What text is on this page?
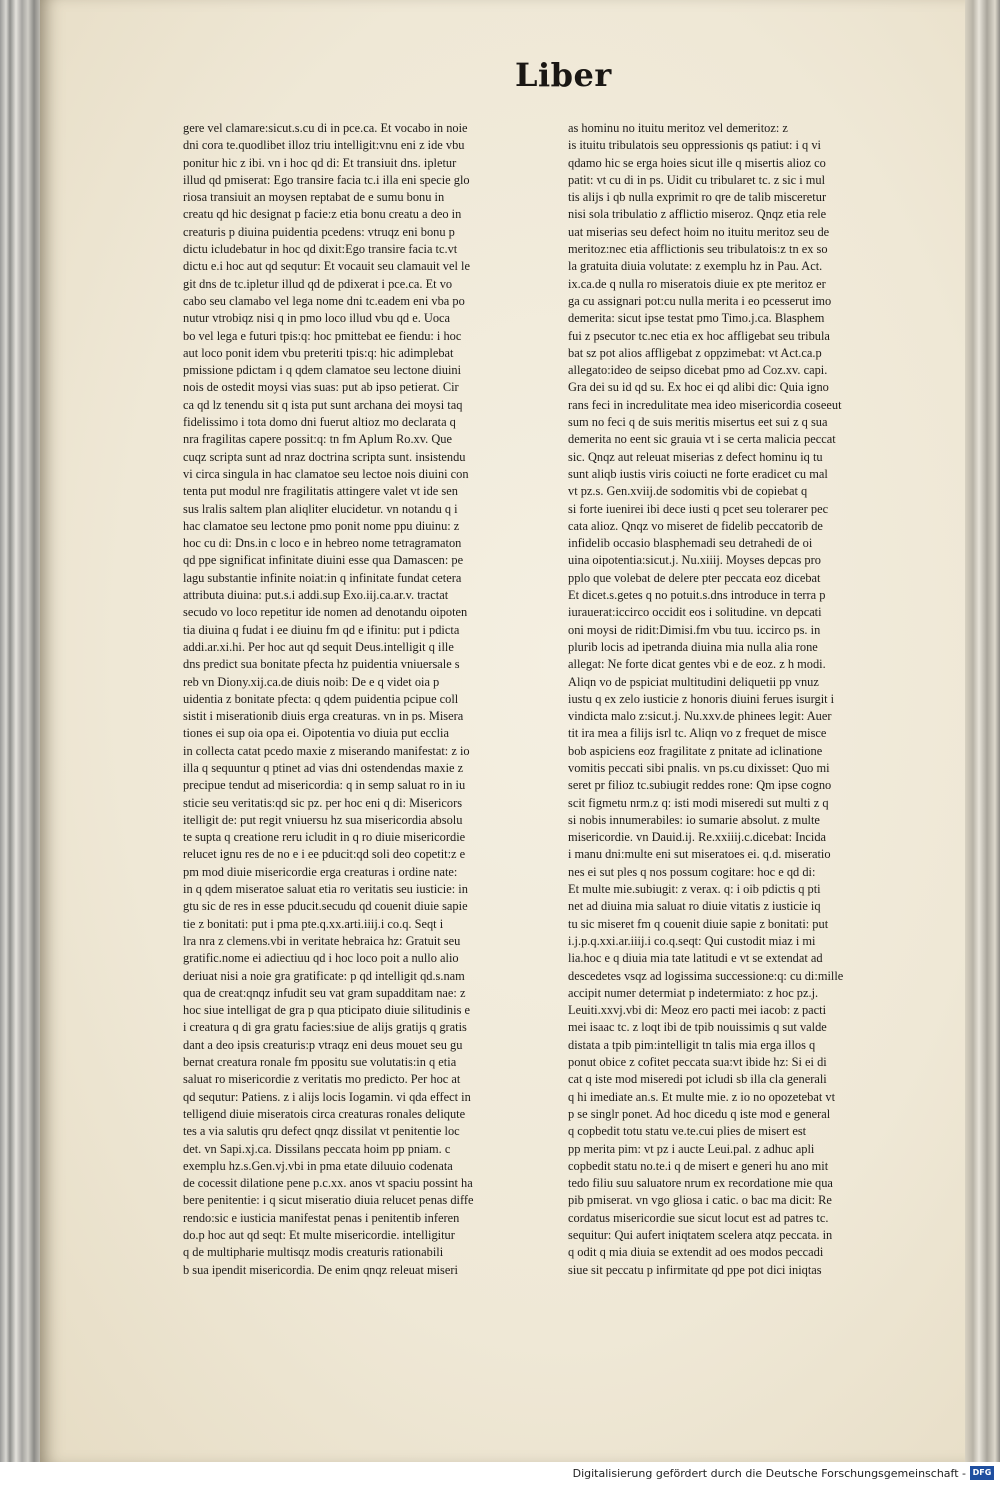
Liber
gere vel clamare:sicut.s.cu di in pce.ca. Et vocabo in noie
dni cora te.quodlibet illoz triu intelligit:vnu eni z ide vbu
ponitur hic z ibi. vn i hoc qd di: Et transiuit dns. ipletur
illud qd pmiserat: Ego transire facia tc.i illa eni specie glo
riosa transiuit an moysen reptabat de e sumu bonu in
creatu qd hic designat p facie:z etia bonu creatu a deo in
creaturis p diuina puidentia pcedens: vtruqz eni bonu p
dictu icludebatur in hoc qd dixit:Ego transire facia tc.vt
dictu e.i hoc aut qd sequtur: Et vocauit seu clamauit vel le
git dns de tc.ipletur illud qd de pdixerat i pce.ca. Et vo
cabo seu clamabo vel lega nome dni tc.eadem eni vba po
nutur vtrobiqz nisi q in pmo loco illud vbu qd e. Uoca
bo vel lega e futuri tpis:q: hoc pmittebat ee fiendu: i hoc
aut loco ponit idem vbu preteriti tpis:q: hic adimplebat
pmissione pdictam i q qdem clamatoe seu lectone diuini
nois de ostedit moysi vias suas: put ab ipso petierat. Cir
ca qd lz tenendu sit q ista put sunt archana dei moysi taq
fidelissimo i tota domo dni fuerut altioz mo declarata q
nra fragilitas capere possit:q: tn fm Aplum Ro.xv. Que
cuqz scripta sunt ad nraz doctrina scripta sunt. insistendu
vi circa singula in hac clamatoe seu lectoe nois diuini con
tenta put modul nre fragilitatis attingere valet vt ide sen
sus lralis saltem plan aliqliter elucidetur. vn notandu q i
hac clamatoe seu lectone pmo ponit nome ppu diuinu: z
hoc cu di: Dns.in c loco e in hebreo nome tetragramaton
qd ppe significat infinitate diuini esse qua Damascen: pe
lagu substantie infinite noiat:in q infinitate fundat cetera
attributa diuina: put.s.i addi.sup Exo.iij.ca.ar.v. tractat
secudo vo loco repetitur ide nomen ad denotandu oipoten
tia diuina q fudat i ee diuinu fm qd e ifinitu: put i pdicta
addi.ar.xi.hi. Per hoc aut qd sequit Deus.intelligit q ille
dns predict sua bonitate pfecta hz puidentia vniuersale s
reb vn Diony.xij.ca.de diuis noib: De e q videt oia p
uidentia z bonitate pfecta: q qdem puidentia pcipue coll
sistit i miserationib diuis erga creaturas. vn in ps. Misera
tiones ei sup oia opa ei. Oipotentia vo diuia put ecclia
in collecta catat pcedo maxie z miserando manifestat: z io
illa q sequuntur q ptinet ad vias dni ostendendas maxie z
precipue tendut ad misericordia: q in semp saluat ro in iu
sticie seu veritatis:qd sic pz. per hoc eni q di: Misericors
itelligit de: put regit vniuersu hz sua misericordia absolu
te supta q creatione reru icludit in q ro diuie misericordie
relucet ignu res de no e i ee pducit:qd soli deo copetit:z e
pm mod diuie misericordie erga creaturas i ordine nate:
in q qdem miseratoe saluat etia ro veritatis seu iusticie: in
gtu sic de res in esse pducit.secudu qd couenit diuie sapie
tie z bonitati: put i pma pte.q.xx.arti.iiij.i co.q. Seqt i
lra nra z clemens.vbi in veritate hebraica hz: Gratuit seu
gratific.nome ei adiectiuu qd i hoc loco poit a nullo alio
deriuat nisi a noie gra gratificate: p qd intelligit qd.s.nam
qua de creat:qnqz infudit seu vat gram supadditam nae: z
hoc siue intelligat de gra p qua pticipato diuie silitudinis e
i creatura q di gra gratu facies:siue de alijs gratijs q gratis
dant a deo ipsis creaturis:p vtraqz eni deus mouet seu gu
bernat creatura ronale fm ppositu sue volutatis:in q etia
saluat ro misericordie z veritatis mo predicto. Per hoc at
qd sequtur: Patiens. z i alijs locis Iogamin. vi qda effect in
telligend diuie miseratois circa creaturas ronales deliqute
tes a via salutis qru defect qnqz dissilat vt penitentie loc
det. vn Sapi.xj.ca. Dissilans peccata hoim pp pniam. c
exemplu hz.s.Gen.vj.vbi in pma etate diluuio codenata
de cocessit dilatione pene p.c.xx. anos vt spaciu possint ha
bere penitentie: i q sicut miseratio diuia relucet penas diffe
rendo:sic e iusticia manifestat penas i penitentib inferen
do.p hoc aut qd seqt: Et multe misericordie. intelligitur
q de multipharie multisqz modis creaturis rationabili
b sua ipendit misericordia. De enim qnqz releuat miseri
as hominu no ituitu meritoz vel demeritoz: z
is ituitu tribulatois seu oppressionis qs patiut: i q vi
qdamo hic se erga hoies sicut ille q misertis alioz co
patit: vt cu di in ps. Uidit cu tribularet tc. z sic i mul
tis alijs i qb nulla exprimit ro qre de talib misceretur
nisi sola tribulatio z afflictio miseroz. Qnqz etia rele
uat miserias seu defect hoim no ituitu meritoz seu de
meritoz:nec etia afflictionis seu tribulatois:z tn ex so
la gratuita diuia volutate: z exemplu hz in Pau. Act.
ix.ca.de q nulla ro miseratois diuie ex pte meritoz er
ga cu assignari pot:cu nulla merita i eo pcesserut imo
demerita: sicut ipse testat pmo Timo.j.ca. Blasphem
fui z psecutor tc.nec etia ex hoc affligebat seu tribula
bat sz pot alios affligebat z oppzimebat: vt Act.ca.p
allegato:ideo de seipso dicebat pmo ad Coz.xv. capi.
Gra dei su id qd su. Ex hoc ei qd alibi dic: Quia igno
rans feci in incredulitate mea ideo misericordia coseeut
sum no feci q de suis meritis misertus eet sui z q sua
demerita no eent sic grauia vt i se certa malicia peccat
sic. Qnqz aut releuat miserias z defect hominu iq tu
sunt aliqb iustis viris coiucti ne forte eradicet cu mal
vt pz.s. Gen.xviij.de sodomitis vbi de copiebat q
si forte iuenirei ibi dece iusti q pcet seu tolerarer pec
cata alioz. Qnqz vo miseret de fidelib peccatorib de
infidelib occasio blasphemadi seu detrahedi de oi
uina oipotentia:sicut.j. Nu.xiiij. Moyses depcas pro
pplo que volebat de delere pter peccata eoz dicebat
Et dicet.s.getes q no potuit.s.dns introduce in terra p
iurauerat:iccirco occidit eos i solitudine. vn depcati
oni moysi de ridit:Dimisi.fm vbu tuu. iccirco ps. in
plurib locis ad ipetranda diuina mia nulla alia rone
allegat: Ne forte dicat gentes vbi e de eoz. z h modi.
Aliqn vo de pspiciat multitudini deliquetii pp vnuz
iustu q ex zelo iusticie z honoris diuini ferues isurgit i
vindicta malo z:sicut.j. Nu.xxv.de phinees legit: Auer
tit ira mea a filijs isrl tc. Aliqn vo z frequet de misce
bob aspiciens eoz fragilitate z pnitate ad iclinatione
vomitis peccati sibi pnalis. vn ps.cu dixisset: Quo mi
seret pr filioz tc.subiugit reddes rone: Qm ipse cogno
scit figmetu nrm.z q: isti modi miseredi sut multi z q
si nobis innumerabiles: io sumarie absolut. z multe
misericordie. vn Dauid.ij. Re.xxiiij.c.dicebat: Incida
i manu dni:multe eni sut miseratoes ei. q.d. miseratio
nes ei sut ples q nos possum cogitare: hoc e qd di:
Et multe mie.subiugit: z verax. q: i oib pdictis q pti
net ad diuina mia saluat ro diuie vitatis z iusticie iq
tu sic miseret fm q couenit diuie sapie z bonitati: put
i.j.p.q.xxi.ar.iiij.i co.q.seqt: Qui custodit miaz i mi
lia.hoc e q diuia mia tate latitudi e vt se extendat ad
descedetes vsqz ad logissima successione:q: cu di:mille
accipit numer determiat p indetermiato: z hoc pz.j.
Leuiti.xxvj.vbi di: Meoz ero pacti mei iacob: z pacti
mei isaac tc. z loqt ibi de tpib nouissimis q sut valde
distata a tpib pim:intelligit tn talis mia erga illos q
ponut obice z cofitet peccata sua:vt ibide hz: Si ei di
cat q iste mod miseredi pot icludi sb illa cla generali
q hi imediate an.s. Et multe mie. z io no opozetebat vt
p se singlr ponet. Ad hoc dicedu q iste mod e general
q copbedit totu statu ve.te.cui plies de misert est
pp merita pim: vt pz i aucte Leui.pal. z adhuc apli
copbedit statu no.te.i q de misert e generi hu ano mit
tedo filiu suu saluatore nrum ex recordatione mie qua
pib pmiserat. vn vgo gliosa i catic. o bac ma dicit: Re
cordatus misericordie sue sicut locut est ad patres tc.
sequitur: Qui aufert iniqtatem scelera atqz peccata. in
q odit q mia diuia se extendit ad oes modos peccadi
siue sit peccatu p infirmitate qd ppe pot dici iniqtas
Digitalisierung gefördert durch die Deutsche Forschungsgemeinschaft - DFG
